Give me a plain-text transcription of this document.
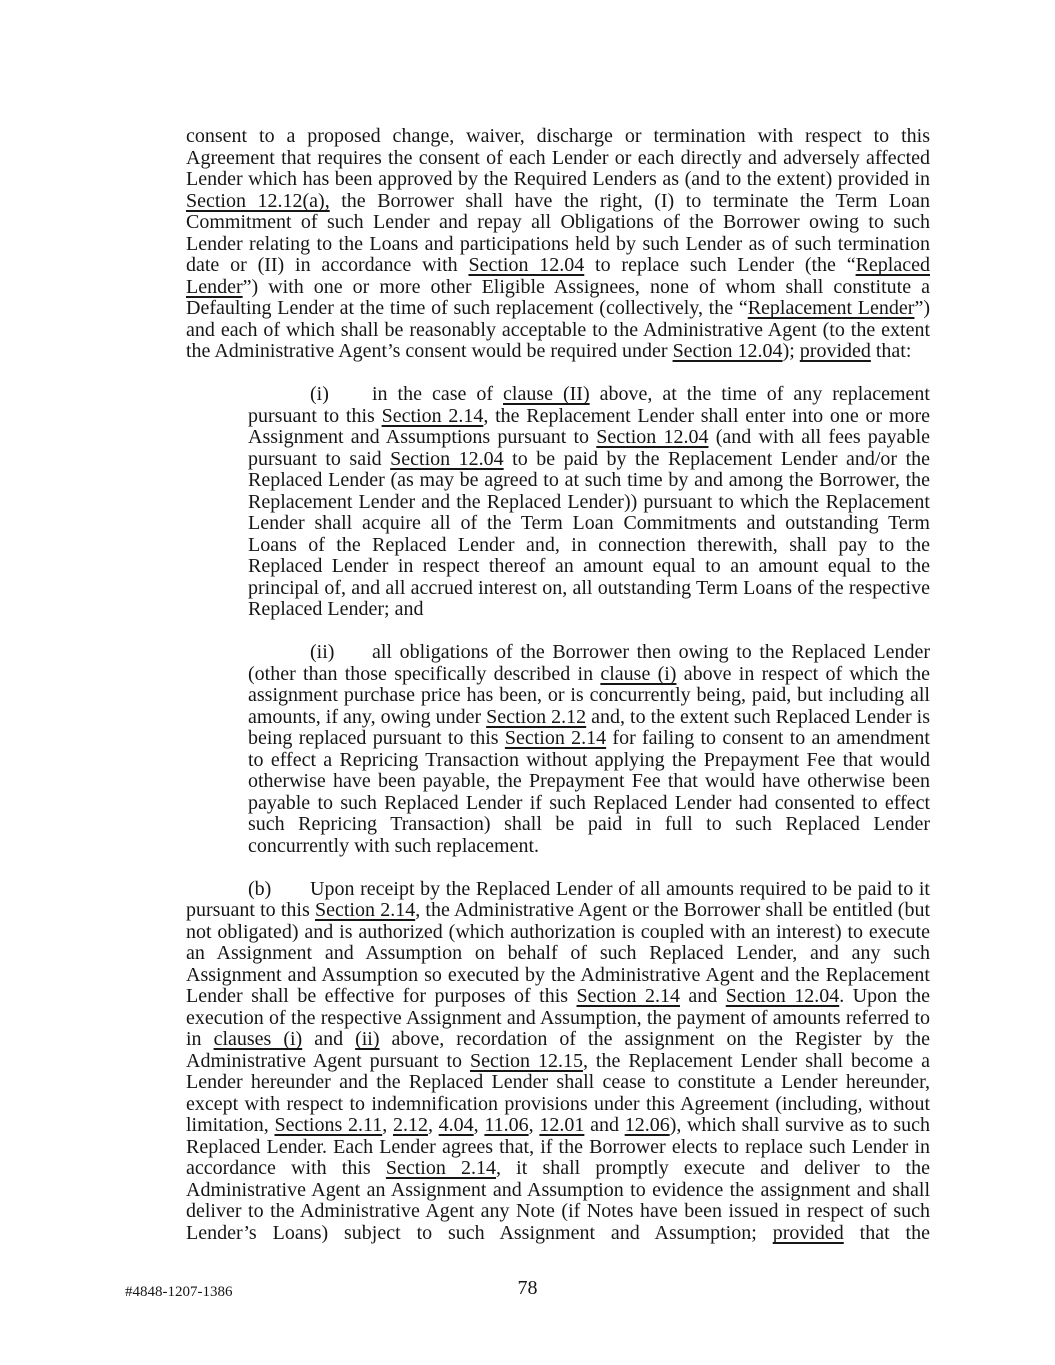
consent to a proposed change, waiver, discharge or termination with respect to this Agreement that requires the consent of each Lender or each directly and adversely affected Lender which has been approved by the Required Lenders as (and to the extent) provided in Section 12.12(a), the Borrower shall have the right, (I) to terminate the Term Loan Commitment of such Lender and repay all Obligations of the Borrower owing to such Lender relating to the Loans and participations held by such Lender as of such termination date or (II) in accordance with Section 12.04 to replace such Lender (the “Replaced Lender”) with one or more other Eligible Assignees, none of whom shall constitute a Defaulting Lender at the time of such replacement (collectively, the “Replacement Lender”) and each of which shall be reasonably acceptable to the Administrative Agent (to the extent the Administrative Agent’s consent would be required under Section 12.04); provided that:

(i) in the case of clause (II) above, at the time of any replacement pursuant to this Section 2.14, the Replacement Lender shall enter into one or more Assignment and Assumptions pursuant to Section 12.04 (and with all fees payable pursuant to said Section 12.04 to be paid by the Replacement Lender and/or the Replaced Lender (as may be agreed to at such time by and among the Borrower, the Replacement Lender and the Replaced Lender)) pursuant to which the Replacement Lender shall acquire all of the Term Loan Commitments and outstanding Term Loans of the Replaced Lender and, in connection therewith, shall pay to the Replaced Lender in respect thereof an amount equal to an amount equal to the principal of, and all accrued interest on, all outstanding Term Loans of the respective Replaced Lender; and

(ii) all obligations of the Borrower then owing to the Replaced Lender (other than those specifically described in clause (i) above in respect of which the assignment purchase price has been, or is concurrently being, paid, but including all amounts, if any, owing under Section 2.12 and, to the extent such Replaced Lender is being replaced pursuant to this Section 2.14 for failing to consent to an amendment to effect a Repricing Transaction without applying the Prepayment Fee that would otherwise have been payable, the Prepayment Fee that would have otherwise been payable to such Replaced Lender if such Replaced Lender had consented to effect such Repricing Transaction) shall be paid in full to such Replaced Lender concurrently with such replacement.

(b) Upon receipt by the Replaced Lender of all amounts required to be paid to it pursuant to this Section 2.14, the Administrative Agent or the Borrower shall be entitled (but not obligated) and is authorized (which authorization is coupled with an interest) to execute an Assignment and Assumption on behalf of such Replaced Lender, and any such Assignment and Assumption so executed by the Administrative Agent and the Replacement Lender shall be effective for purposes of this Section 2.14 and Section 12.04. Upon the execution of the respective Assignment and Assumption, the payment of amounts referred to in clauses (i) and (ii) above, recordation of the assignment on the Register by the Administrative Agent pursuant to Section 12.15, the Replacement Lender shall become a Lender hereunder and the Replaced Lender shall cease to constitute a Lender hereunder, except with respect to indemnification provisions under this Agreement (including, without limitation, Sections 2.11, 2.12, 4.04, 11.06, 12.01 and 12.06), which shall survive as to such Replaced Lender. Each Lender agrees that, if the Borrower elects to replace such Lender in accordance with this Section 2.14, it shall promptly execute and deliver to the Administrative Agent an Assignment and Assumption to evidence the assignment and shall deliver to the Administrative Agent any Note (if Notes have been issued in respect of such Lender’s Loans) subject to such Assignment and Assumption; provided that the

#4848-1207-1386	78
